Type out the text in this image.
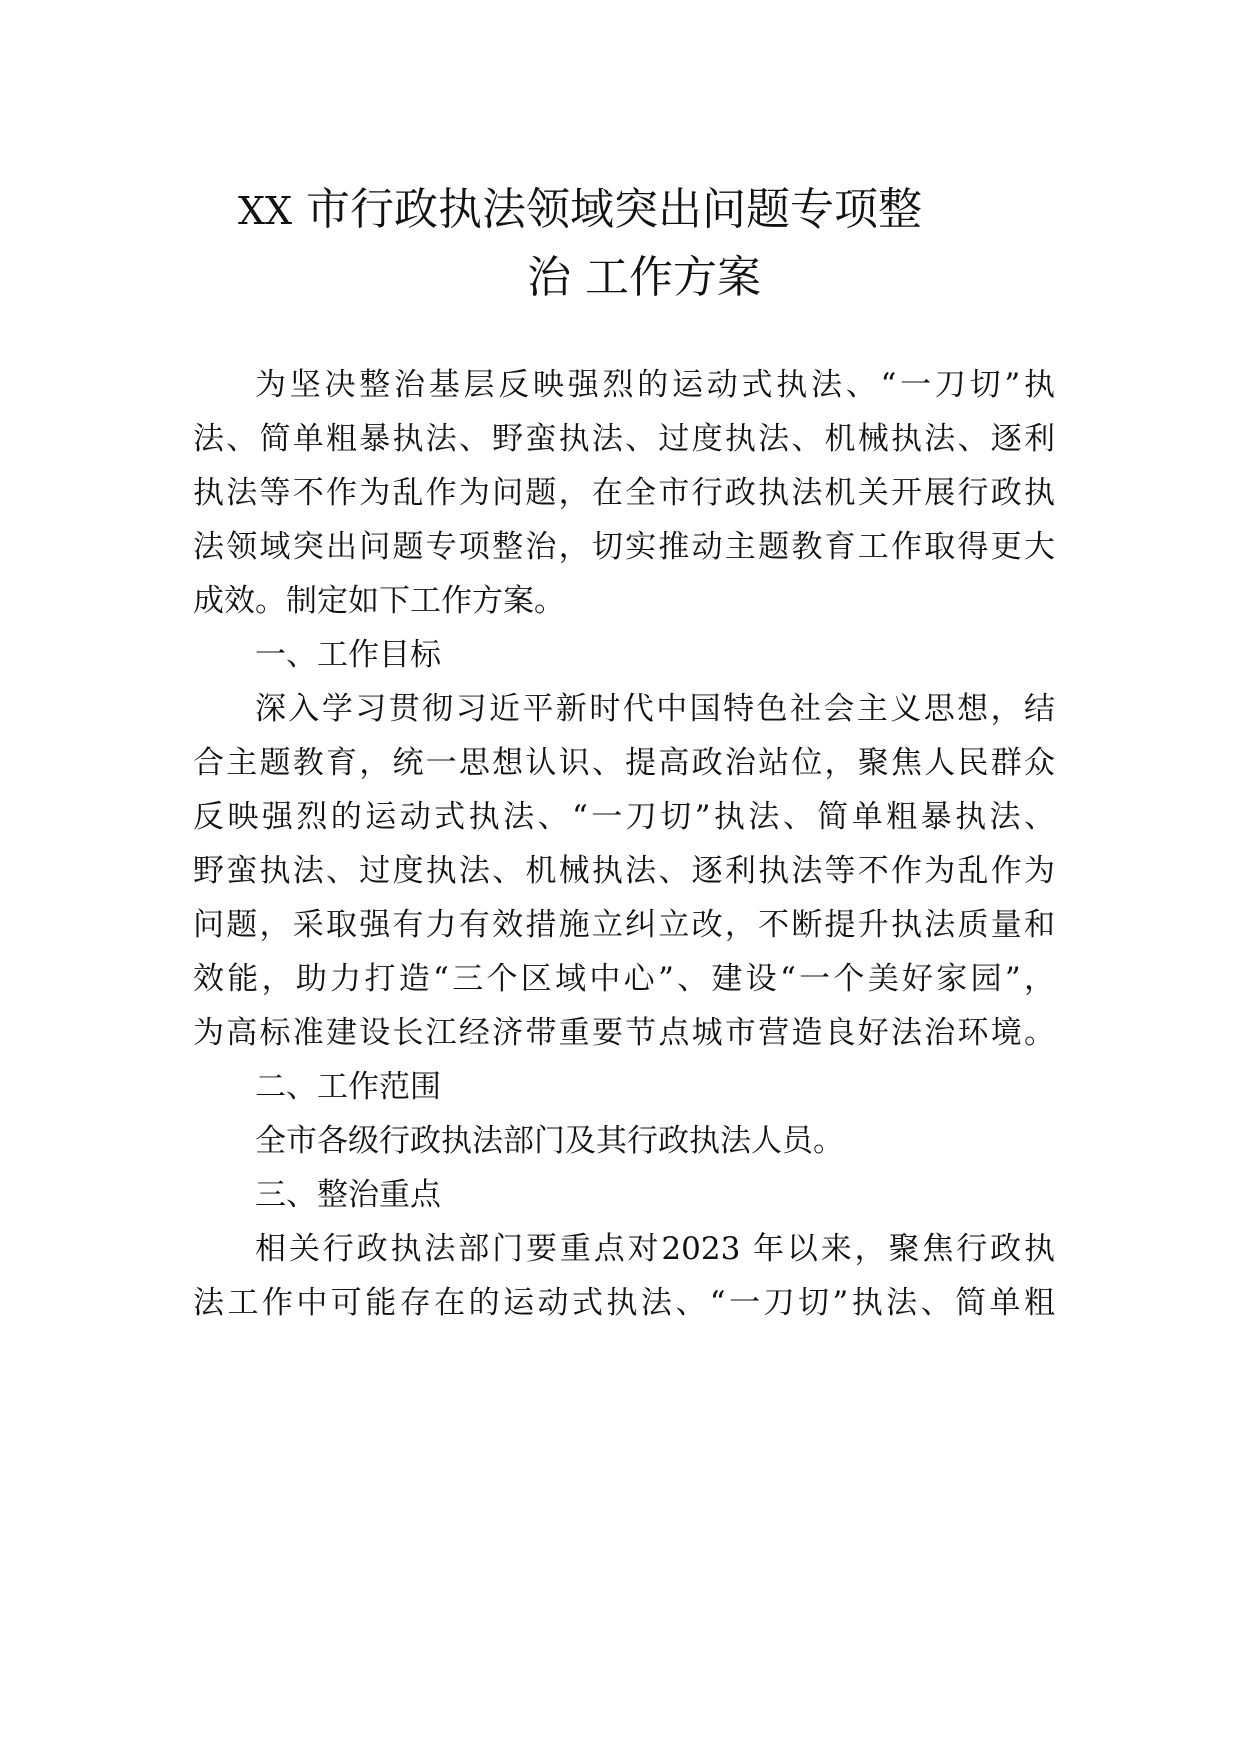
XX 市行政执法领域突出问题专项整
治 工作方案
为坚决整治基层反映强烈的运动式执法、“一刀切”执
法、简单粗暴执法、野蛮执法、过度执法、机械执法、逐利
执法等不作为乱作为问题，在全市行政执法机关开展行政执
法领域突出问题专项整治，切实推动主题教育工作取得更大
成效。制定如下工作方案。
一、工作目标
深入学习贯彻习近平新时代中国特色社会主义思想，结
合主题教育，统一思想认识、提高政治站位，聚焦人民群众
反映强烈的运动式执法、“一刀切”执法、简单粗暴执法、
野蛮执法、过度执法、机械执法、逐利执法等不作为乱作为
问题，采取强有力有效措施立纠立改，不断提升执法质量和
效能，助力打造“三个区域中心”、建设“一个美好家园”，
为高标准建设长江经济带重要节点城市营造良好法治环境。
二、工作范围
全市各级行政执法部门及其行政执法人员。
三、整治重点
相关行政执法部门要重点对2023 年以来，聚焦行政执
法工作中可能存在的运动式执法、“一刀切”执法、简单粗
